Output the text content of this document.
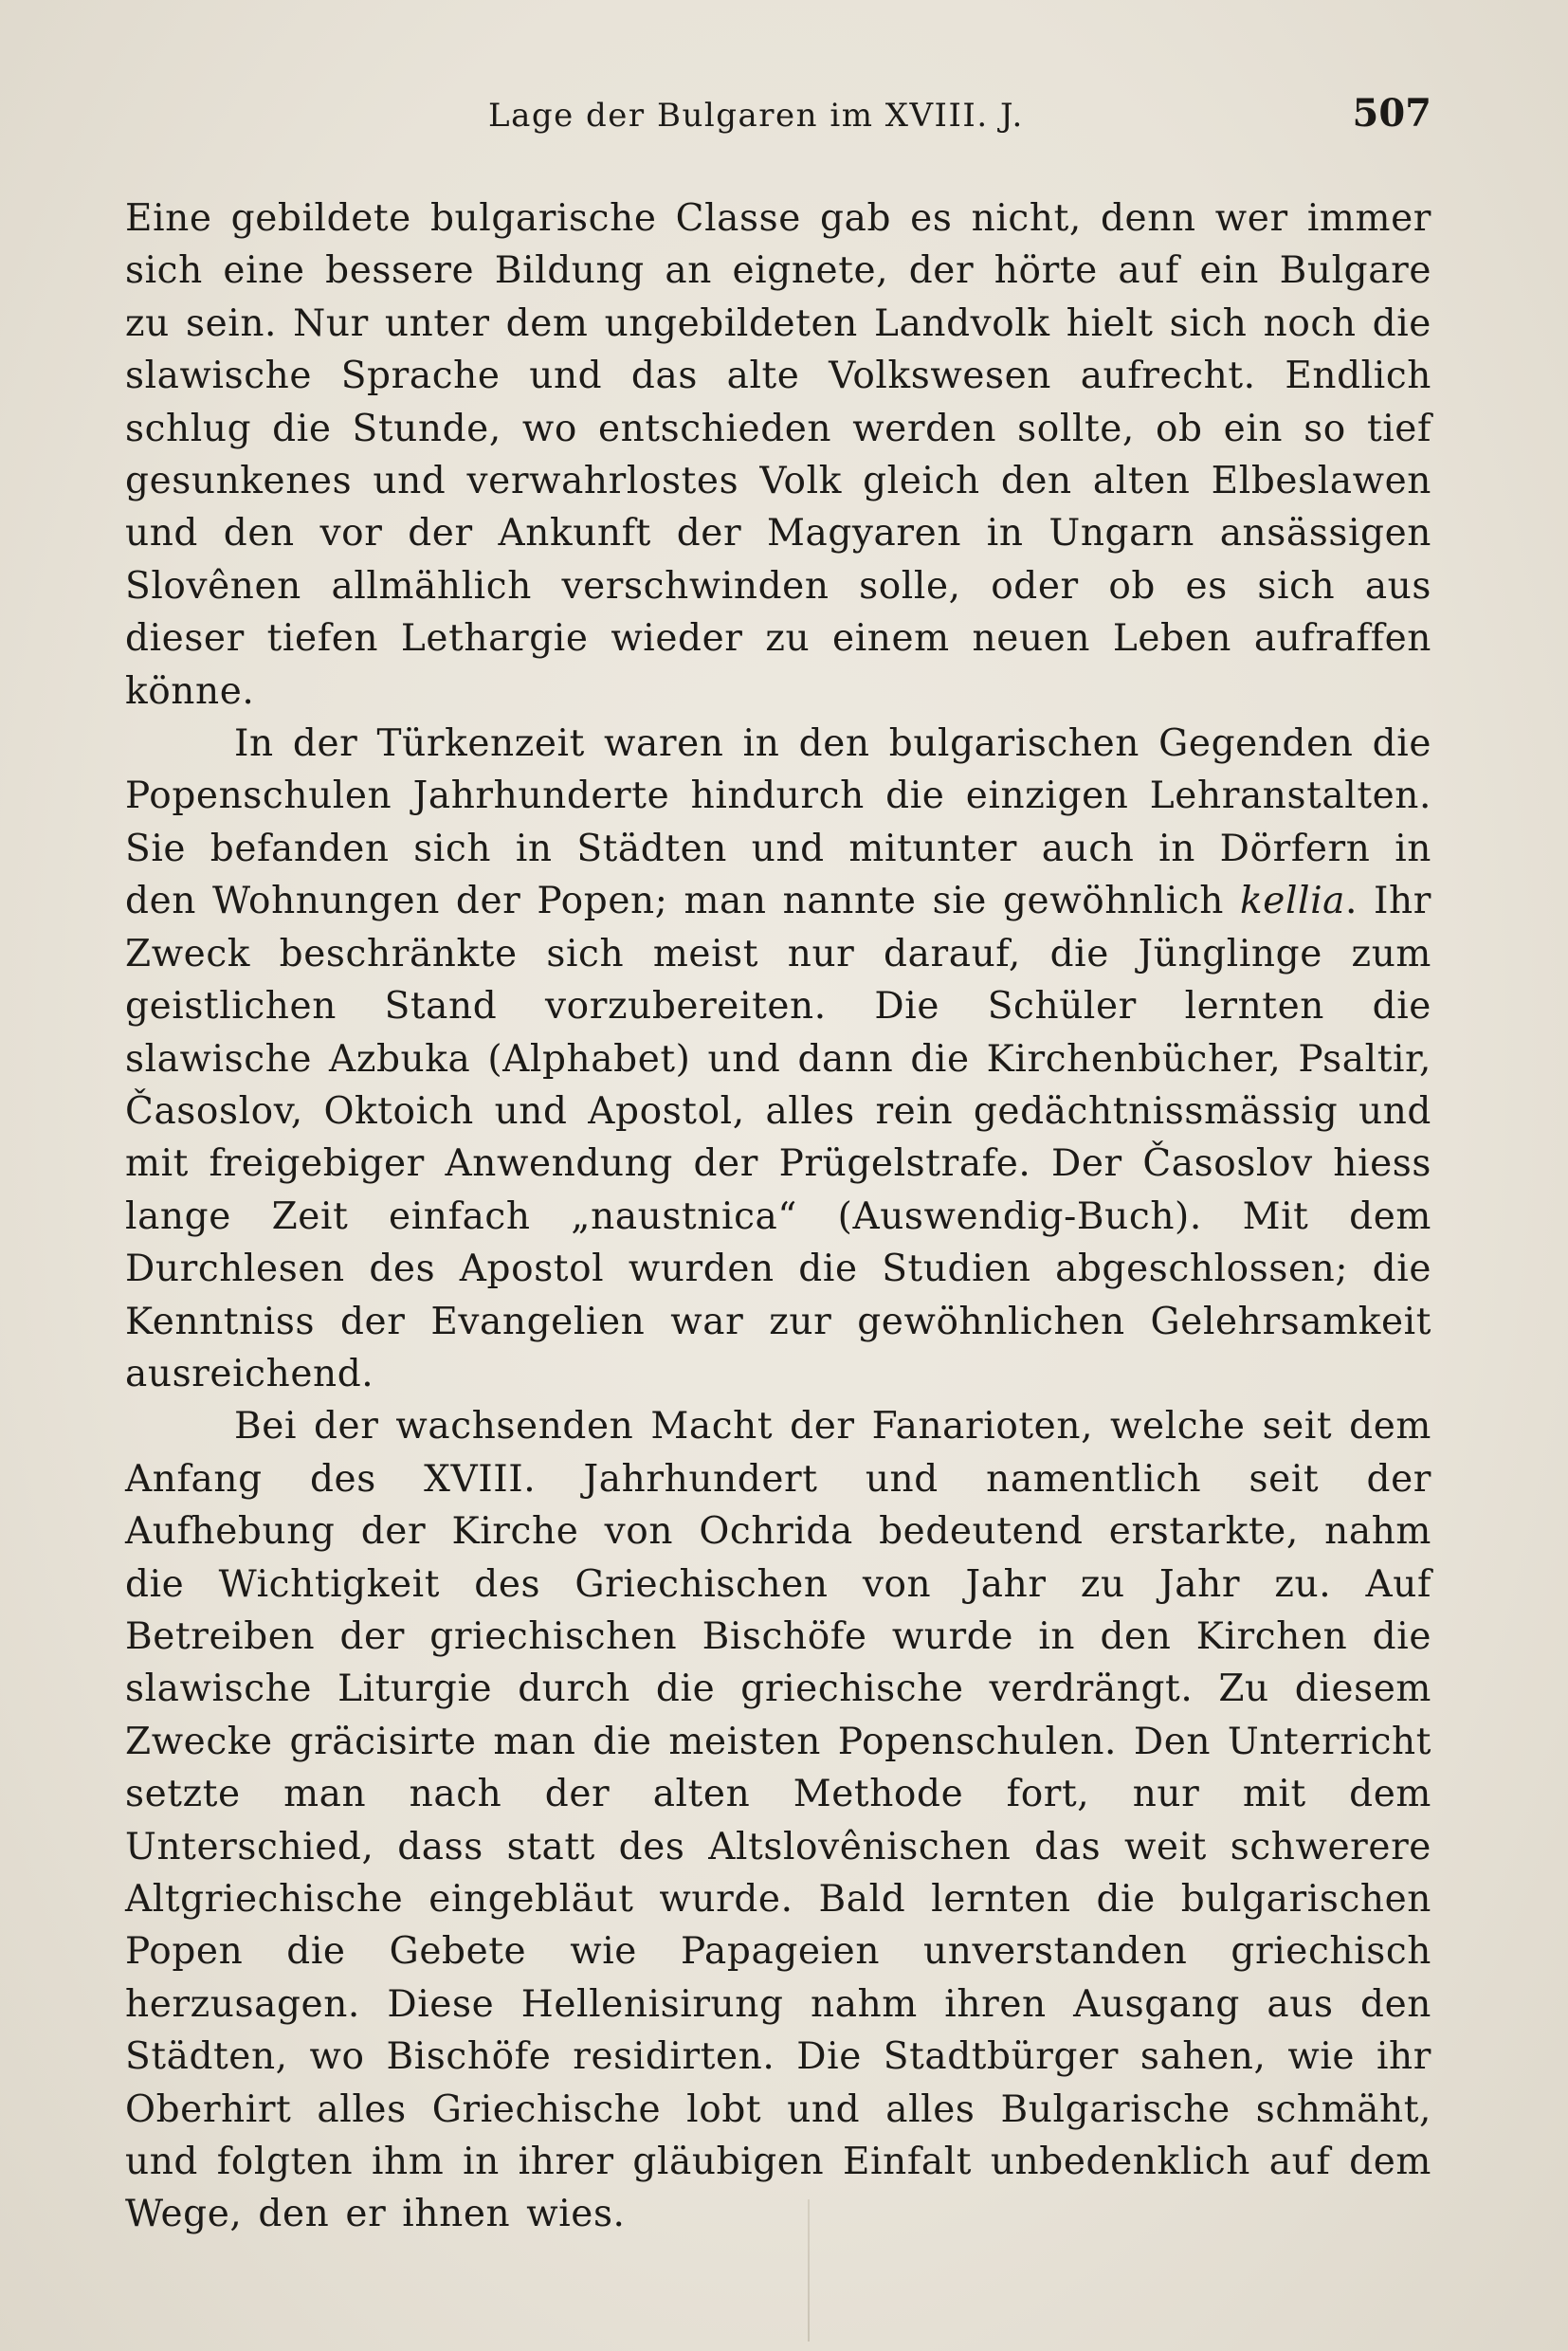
Lage der Bulgaren im XVIII. J.	507

Eine gebildete bulgarische Classe gab es nicht, denn wer immer sich eine bessere Bildung an eignete, der hörte auf ein Bulgare zu sein. Nur unter dem ungebildeten Landvolk hielt sich noch die slawische Sprache und das alte Volkswesen aufrecht. Endlich schlug die Stunde, wo entschieden werden sollte, ob ein so tief gesunkenes und verwahrlostes Volk gleich den alten Elbeslawen und den vor der Ankunft der Magyaren in Ungarn ansässigen Slovênen allmählich verschwinden solle, oder ob es sich aus dieser tiefen Lethargie wieder zu einem neuen Leben aufraffen könne.

In der Türkenzeit waren in den bulgarischen Gegenden die Popenschulen Jahrhunderte hindurch die einzigen Lehranstalten. Sie befanden sich in Städten und mitunter auch in Dörfern in den Wohnungen der Popen; man nannte sie gewöhnlich kellia. Ihr Zweck beschränkte sich meist nur darauf, die Jünglinge zum geistlichen Stand vorzubereiten. Die Schüler lernten die slawische Azbuka (Alphabet) und dann die Kirchenbücher, Psaltir, Časoslov, Oktoich und Apostol, alles rein gedächtnissmässig und mit freigebiger Anwendung der Prügelstrafe. Der Časoslov hiess lange Zeit einfach „naustnica“ (Auswendig-Buch). Mit dem Durchlesen des Apostol wurden die Studien abgeschlossen; die Kenntniss der Evangelien war zur gewöhnlichen Gelehrsamkeit ausreichend.

Bei der wachsenden Macht der Fanarioten, welche seit dem Anfang des XVIII. Jahrhundert und namentlich seit der Aufhebung der Kirche von Ochrida bedeutend erstarkte, nahm die Wichtigkeit des Griechischen von Jahr zu Jahr zu. Auf Betreiben der griechischen Bischöfe wurde in den Kirchen die slawische Liturgie durch die griechische verdrängt. Zu diesem Zwecke gräcisirte man die meisten Popenschulen. Den Unterricht setzte man nach der alten Methode fort, nur mit dem Unterschied, dass statt des Altslovênischen das weit schwerere Altgriechische eingebläut wurde. Bald lernten die bulgarischen Popen die Gebete wie Papageien unverstanden griechisch herzusagen. Diese Hellenisirung nahm ihren Ausgang aus den Städten, wo Bischöfe residirten. Die Stadtbürger sahen, wie ihr Oberhirt alles Griechische lobt und alles Bulgarische schmäht, und folgten ihm in ihrer gläubigen Einfalt unbedenklich auf dem Wege, den er ihnen wies.
